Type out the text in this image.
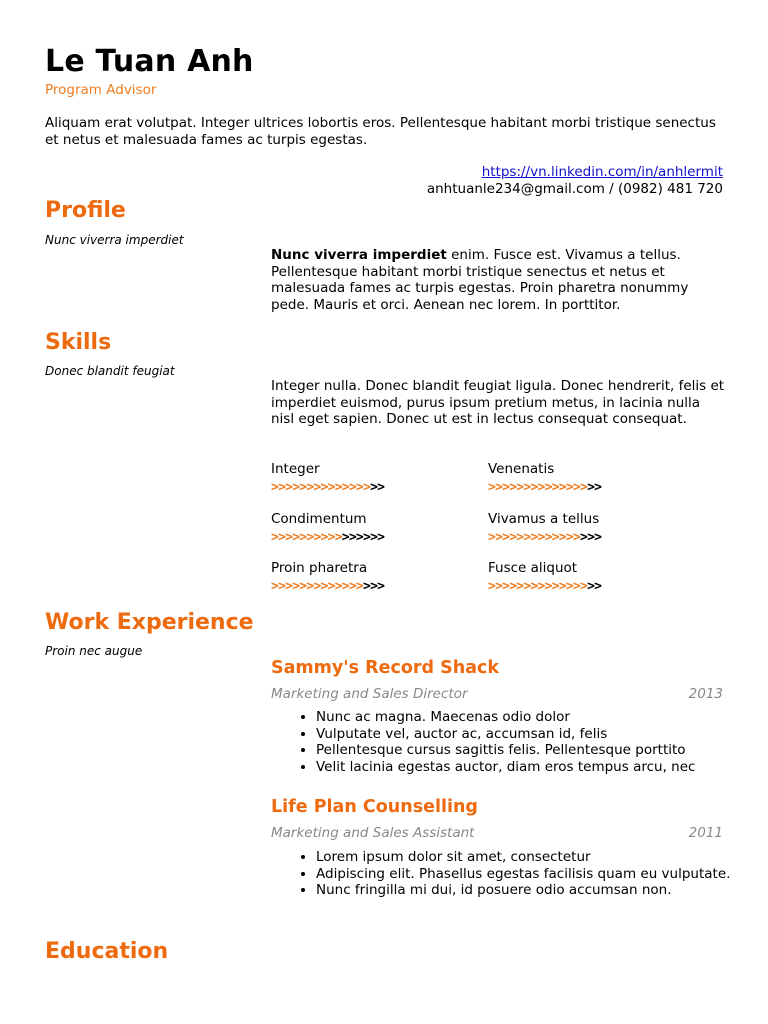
Le Tuan Anh
Program Advisor
Aliquam erat volutpat. Integer ultrices lobortis eros. Pellentesque habitant morbi tristique senectus et netus et malesuada fames ac turpis egestas.
https://vn.linkedin.com/in/anhlermit
anhtuanle234@gmail.com / (0982) 481 720
Profile
Nunc viverra imperdiet
Nunc viverra imperdiet enim. Fusce est. Vivamus a tellus. Pellentesque habitant morbi tristique senectus et netus et malesuada fames ac turpis egestas. Proin pharetra nonummy pede. Mauris et orci. Aenean nec lorem. In porttitor.
Skills
Donec blandit feugiat
Integer nulla. Donec blandit feugiat ligula. Donec hendrerit, felis et imperdiet euismod, purus ipsum pretium metus, in lacinia nulla nisl eget sapien. Donec ut est in lectus consequat consequat.
Integer
>>>>>>>>>>>>>>>>
Venenatis
>>>>>>>>>>>>>>>>
Condimentum
>>>>>>>>>>>>>>>>
Vivamus a tellus
>>>>>>>>>>>>>>>>
Proin pharetra
>>>>>>>>>>>>>>>>
Fusce aliquot
>>>>>>>>>>>>>>>>
Work Experience
Proin nec augue
Sammy's Record Shack
Marketing and Sales Director	2013
• Nunc ac magna. Maecenas odio dolor
• Vulputate vel, auctor ac, accumsan id, felis
• Pellentesque cursus sagittis felis. Pellentesque porttito
• Velit lacinia egestas auctor, diam eros tempus arcu, nec
Life Plan Counselling
Marketing and Sales Assistant	2011
• Lorem ipsum dolor sit amet, consectetur
• Adipiscing elit. Phasellus egestas facilisis quam eu vulputate.
• Nunc fringilla mi dui, id posuere odio accumsan non.
Education
